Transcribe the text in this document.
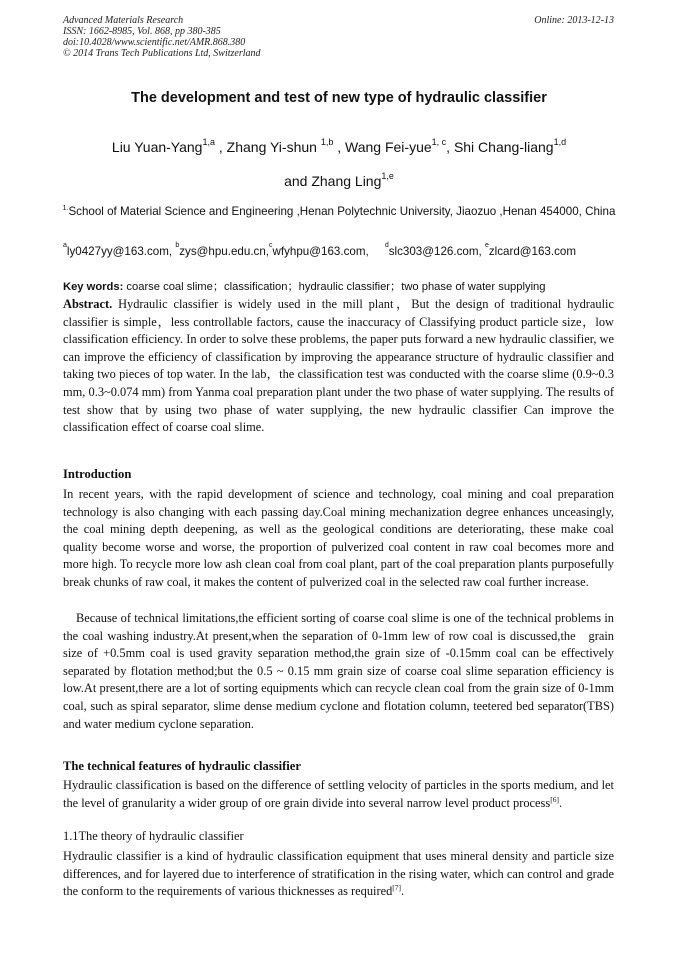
Advanced Materials Research
ISSN: 1662-8985, Vol. 868, pp 380-385
doi:10.4028/www.scientific.net/AMR.868.380
© 2014 Trans Tech Publications Ltd, Switzerland
Online: 2013-12-13
The development and test of new type of hydraulic classifier
Liu Yuan-Yang$^{1,a}$ , Zhang Yi-shun $^{1,b}$ , Wang Fei-yue$^{1, c}$, Shi Chang-liang$^{1,d}$
and Zhang Ling$^{1,e}$
$^{1.}$School of Material Science and Engineering ,Henan Polytechnic University, Jiaozuo ,Henan 454000, China
$^a$ly0427yy@163.com, $^b$zys@hpu.edu.cn,$^c$wfyhpu@163.com,     $^d$slc303@126.com, $^e$zlcard@163.com
Key words: coarse coal slime；classification；hydraulic classifier；two phase of water supplying
Abstract. Hydraulic classifier is widely used in the mill plant，But the design of traditional hydraulic classifier is simple，less controllable factors, cause the inaccuracy of Classifying product particle size，low classification efficiency. In order to solve these problems, the paper puts forward a new hydraulic classifier, we can improve the efficiency of classification by improving the appearance structure of hydraulic classifier and taking two pieces of top water. In the lab，the classification test was conducted with the coarse slime (0.9~0.3 mm, 0.3~0.074 mm) from Yanma coal preparation plant under the two phase of water supplying. The results of test show that by using two phase of water supplying, the new hydraulic classifier Can improve the classification effect of coarse coal slime.
Introduction
In recent years, with the rapid development of science and technology, coal mining and coal preparation technology is also changing with each passing day.Coal mining mechanization degree enhances unceasingly, the coal mining depth deepening, as well as the geological conditions are deteriorating, these make coal quality become worse and worse, the proportion of pulverized coal content in raw coal becomes more and more high. To recycle more low ash clean coal from coal plant, part of the coal preparation plants purposefully break chunks of raw coal, it makes the content of pulverized coal in the selected raw coal further increase.
Because of technical limitations,the efficient sorting of coarse coal slime is one of the technical problems in the coal washing industry.At present,when the separation of 0-1mm lew of row coal is discussed,the   grain size of +0.5mm coal is used gravity separation method,the grain size of -0.15mm coal can be effectively separated by flotation method;but the 0.5 ~ 0.15 mm grain size of coarse coal slime separation efficiency is low.At present,there are a lot of sorting equipments which can recycle clean coal from the grain size of 0-1mm coal, such as spiral separator, slime dense medium cyclone and flotation column, teetered bed separator(TBS) and water medium cyclone separation.
The technical features of hydraulic classifier
Hydraulic classification is based on the difference of settling velocity of particles in the sports medium, and let the level of granularity a wider group of ore grain divide into several narrow level product process[6].
1.1The theory of hydraulic classifier
Hydraulic classifier is a kind of hydraulic classification equipment that uses mineral density and particle size differences, and for layered due to interference of stratification in the rising water, which can control and grade the conform to the requirements of various thicknesses as required[7].
